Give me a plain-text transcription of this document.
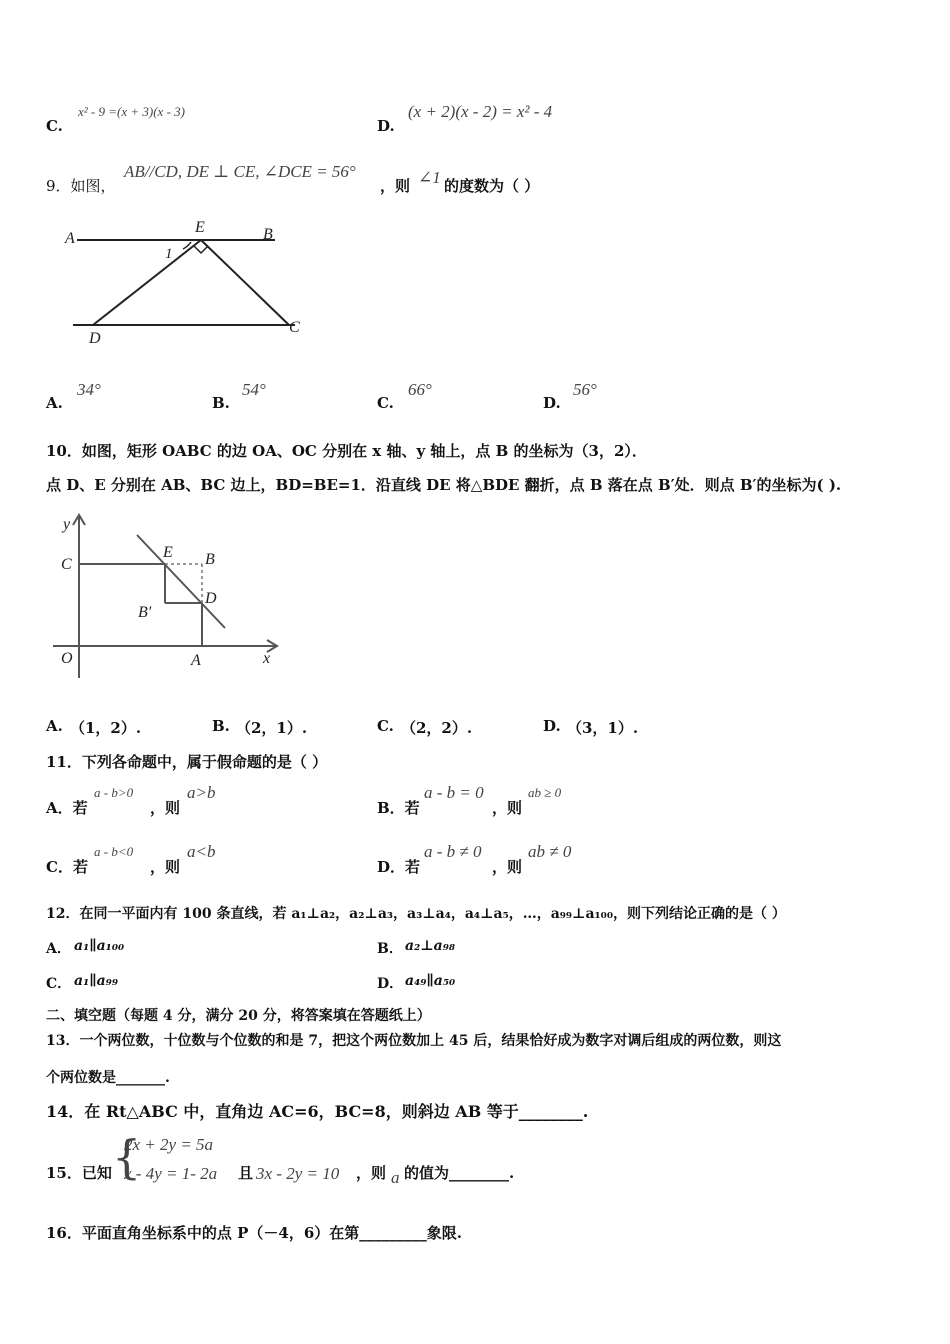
C.
x² - 9 =(x + 3)(x - 3)
D.
(x + 2)(x - 2) = x² - 4
9．如图，
AB//CD, DE ⊥ CE, ∠DCE = 56°
，则 ∠1 的度数为（ ）
A	B
E
1
D
C
A.
34°
B.
54°
C.
66°
D.
56°
10．如图，矩形 OABC 的边 OA、OC 分别在 x 轴、y 轴上，点 B 的坐标为（3，2）．
点 D、E 分别在 AB、BC 边上，BD=BE=1．沿直线 DE 将△BDE 翻折，点 B 落在点 B′处．则点 B′的坐标为( ).
y
x
C
E B
D
B′
O	A
A. （1，2）.	B. （2，1）.	C. （2，2）.	D. （3，1）.
11．下列各命题中，属于假命题的是（ ）
A．若
a - b>0
，则
a>b
B．若
a - b = 0
，则
ab ≥ 0
C．若
a - b<0
，则
a<b
D．若
a - b ≠ 0
，则
ab ≠ 0
12．在同一平面内有 100 条直线，若 a₁⊥a₂，a₂⊥a₃，a₃⊥a₄，a₄⊥a₅，…，a₉₉⊥a₁₀₀，则下列结论正确的是（ ）
A． a₁∥a₁₀₀	B． a₂⊥a₉₈
C． a₁∥a₉₉	D． a₄₉∥a₅₀
二、填空题（每题 4 分，满分 20 分，将答案填在答题纸上）
13．一个两位数，十位数与个位数的和是 7，把这个两位数加上 45 后，结果恰好成为数字对调后组成的两位数，则这
个两位数是_______.
14．在 Rt△ABC 中，直角边 AC=6，BC=8，则斜边 AB 等于________.
15．已知 {
2x + 2y = 5a
x - 4y = 1- 2a 且 3x - 2y = 10 ，则 a 的值为________.
16．平面直角坐标系中的点 P（－4，6）在第_________象限.
